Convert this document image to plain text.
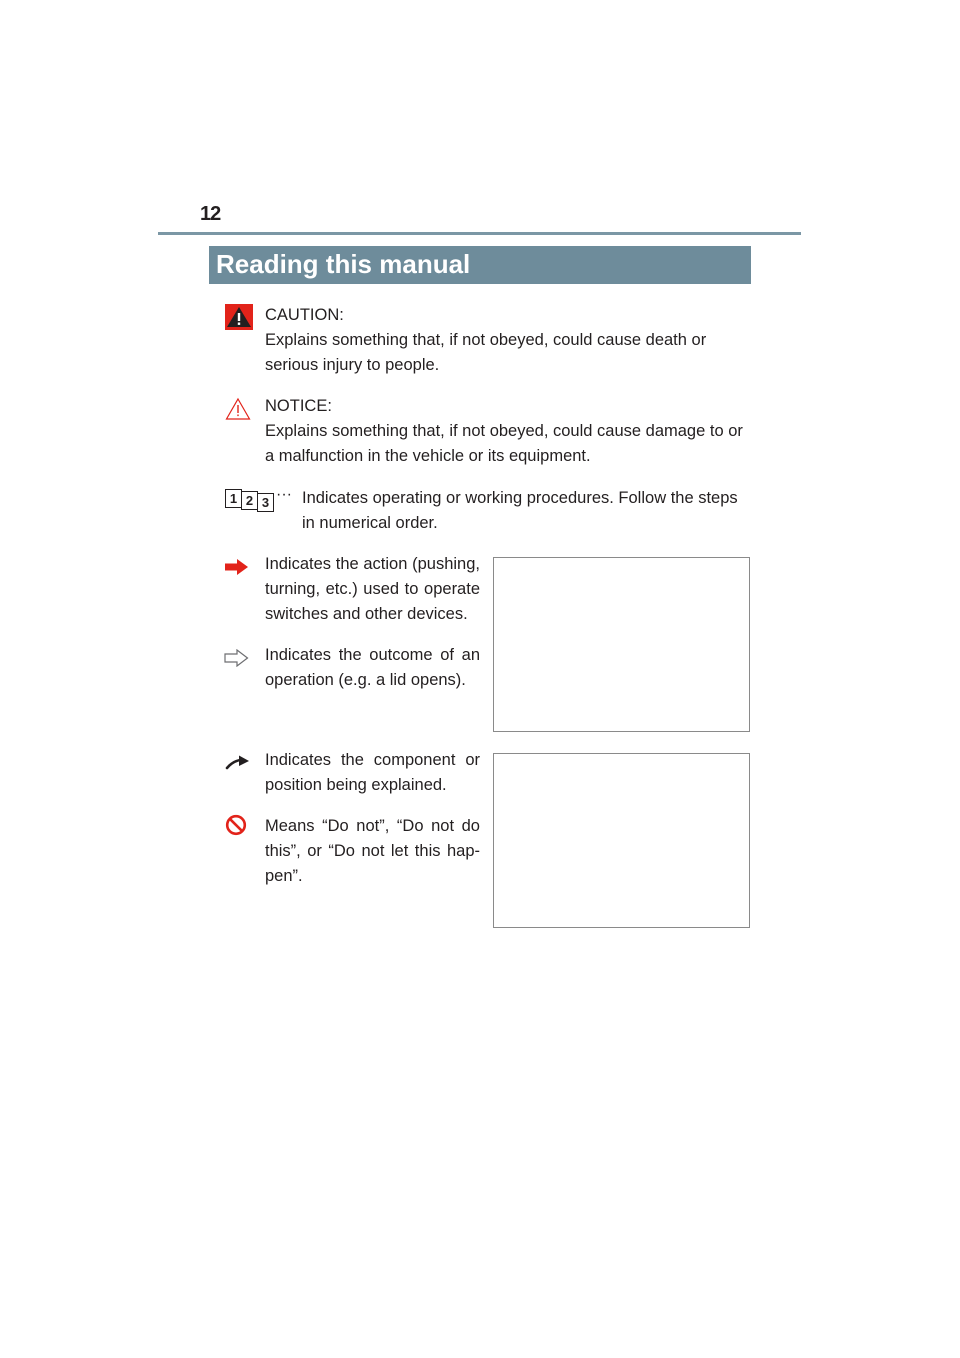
12
Reading this manual
CAUTION:
Explains something that, if not obeyed, could cause death or serious injury to people.
NOTICE:
Explains something that, if not obeyed, could cause damage to or a malfunction in the vehicle or its equipment.
1 2 3 ··· Indicates operating or working procedures. Follow the steps in numerical order.
Indicates the action (pushing, turning, etc.) used to operate switches and other devices.
Indicates the outcome of an operation (e.g. a lid opens).
Indicates the component or position being explained.
Means “Do not”, “Do not do this”, or “Do not let this hap-pen”.
